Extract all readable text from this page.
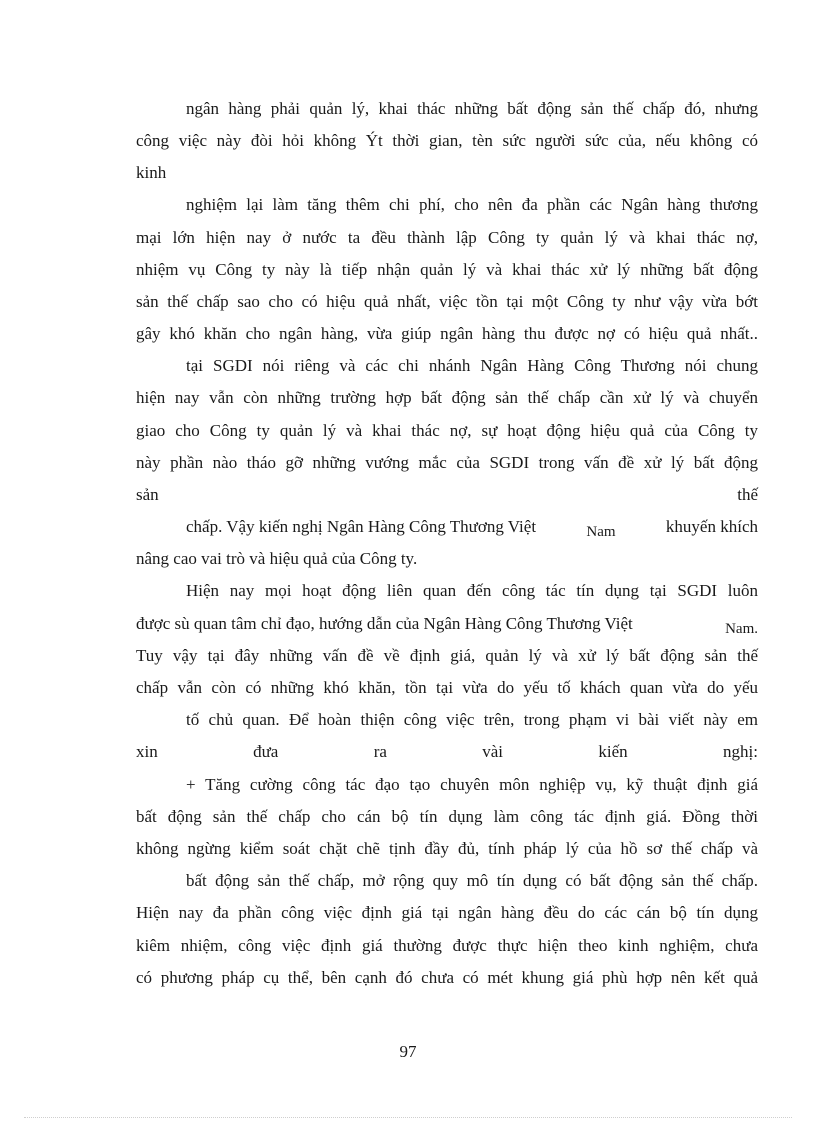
ngân hàng phải quản lý, khai thác những bất động sản thế chấp đó, nhưng
công việc này đòi hỏi không Ýt thời gian, tèn sức người sức của, nếu không có
kinh
nghiệm lại làm tăng thêm chi phí, cho nên đa phần các Ngân hàng thương
mại lớn hiện nay ở nước ta đều thành lập Công ty quản lý và khai thác nợ,
nhiệm vụ Công ty này là tiếp nhận quản lý và khai thác xử lý những bất động
sản thế chấp sao cho có hiệu quả nhất, việc tồn tại một Công ty như vậy vừa bớt
gây khó khăn cho ngân hàng, vừa giúp ngân hàng thu được nợ có hiệu quả nhất..
tại SGDI nói riêng và các chi nhánh Ngân Hàng Công Thương nói chung
hiện nay vẫn còn những trường hợp bất động sản thế chấp cần xử lý và chuyển
giao cho Công ty quản lý và khai thác nợ, sự hoạt động hiệu quả của Công ty
này phần nào tháo gỡ những vướng mắc của SGDI trong vấn đề xử lý bất động
sản	thế
chấp. Vậy kiến nghị Ngân Hàng Công Thương Việt	Nam	khuyến khích
nâng cao vai trò và hiệu quả của Công ty.
Hiện nay mọi hoạt động liên quan đến công tác tín dụng tại SGDI luôn
được sù quan tâm chỉ đạo, hướng dẫn của Ngân Hàng Công Thương Việt	Nam.
Tuy vậy tại đây những vấn đề về định giá, quản lý và xử lý bất động sản thế
chấp vẫn còn có những khó khăn, tồn tại vừa do yếu tố khách quan vừa do yếu
tố chủ quan. Để hoàn thiện công việc trên, trong phạm vi bài viết này em
xin	đưa	ra	vài	kiến	nghị:
+ Tăng cường công tác đạo tạo chuyên môn nghiệp vụ, kỹ thuật định giá
bất động sản thế chấp cho cán bộ tín dụng làm công tác định giá. Đồng thời
không ngừng kiểm soát chặt chẽ tịnh đầy đủ, tính pháp lý của hồ sơ thế chấp và
bất động sản thế chấp, mở rộng quy mô tín dụng có bất động sản thế chấp.
Hiện nay đa phần công việc định giá tại ngân hàng đều do các cán bộ tín dụng
kiêm nhiệm, công việc định giá thường được thực hiện theo kinh nghiệm, chưa
có phương pháp cụ thể, bên cạnh đó chưa có mét khung giá phù hợp nên kết quả
97
